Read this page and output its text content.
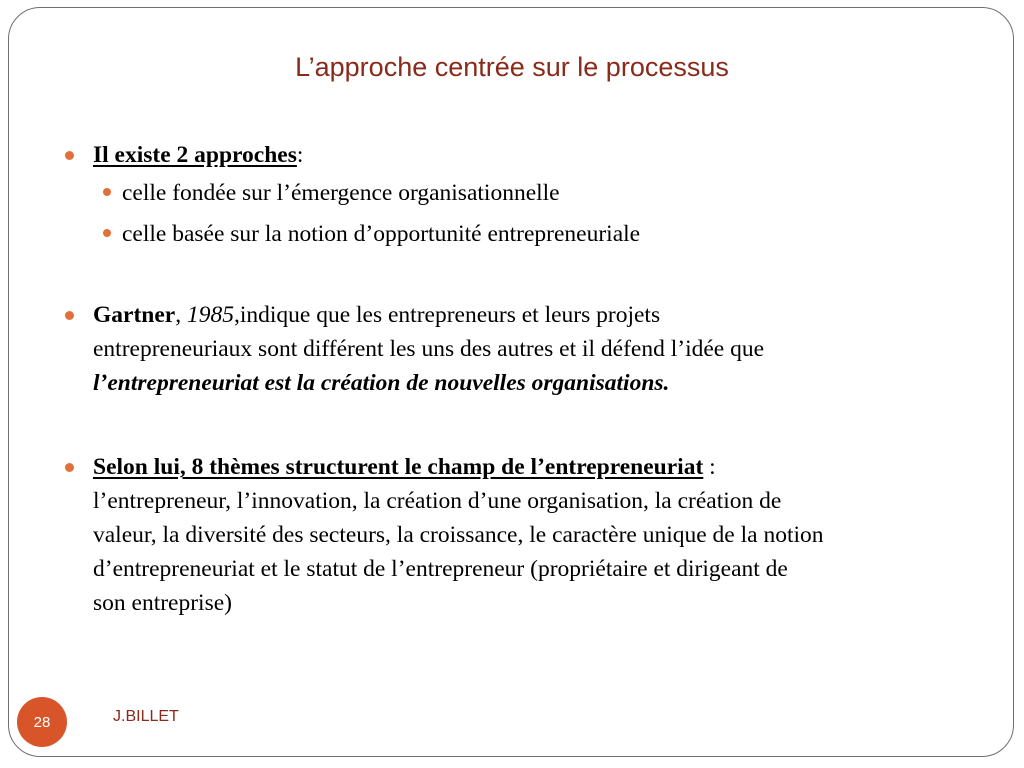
L’approche centrée sur le processus
Il existe 2 approches:
celle fondée sur l’émergence organisationnelle
celle basée sur la notion d’opportunité entrepreneuriale
Gartner, 1985,indique que les entrepreneurs et leurs projets
entrepreneuriaux sont différent les uns des autres et il défend l’idée que
l’entrepreneuriat est la création de nouvelles organisations.
Selon lui, 8 thèmes structurent le champ de l’entrepreneuriat :
l’entrepreneur, l’innovation, la création d’une organisation, la création de
valeur, la diversité des secteurs, la croissance, le caractère unique de la notion
d’entrepreneuriat et le statut de l’entrepreneur (propriétaire et dirigeant de
son entreprise)
28	J.BILLET
